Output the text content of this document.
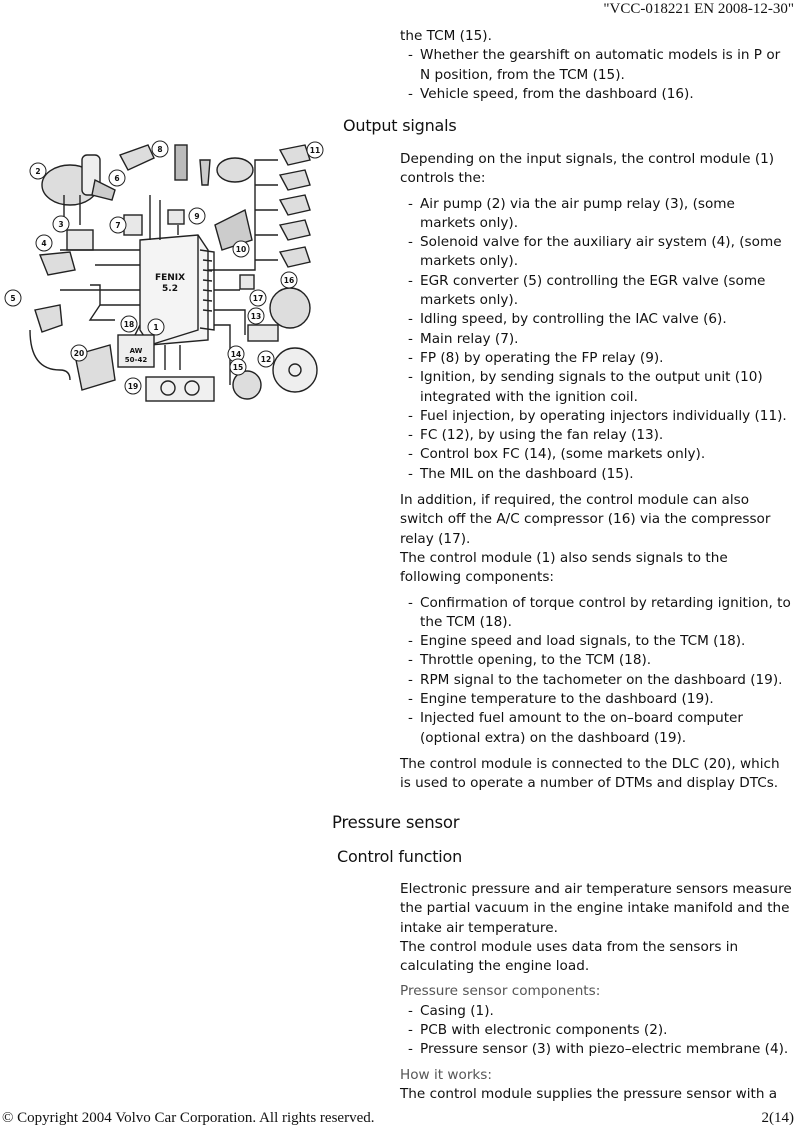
"VCC-018221 EN 2008-12-30"

the TCM (15).

- Whether the gearshift on automatic models is in P or N position, from the TCM (15).
- Vehicle speed, from the dashboard (16).
Output signals
FENIX
5.2
AW
50-42
1
2
3
4
5
6
7
8
9
10
11
12
13
14
15
16
17
18
19
20

Depending on the input signals, the control module (1) controls the:

- Air pump (2) via the air pump relay (3), (some markets only).
- Solenoid valve for the auxiliary air system (4), (some markets only).
- EGR converter (5) controlling the EGR valve (some markets only).
- Idling speed, by controlling the IAC valve (6).
- Main relay (7).
- FP (8) by operating the FP relay (9).
- Ignition, by sending signals to the output unit (10) integrated with the ignition coil.
- Fuel injection, by operating injectors individually (11).
- FC (12), by using the fan relay (13).
- Control box FC (14), (some markets only).
- The MIL on the dashboard (15).

In addition, if required, the control module can also switch off the A/C compressor (16) via the compressor relay (17).

The control module (1) also sends signals to the following components:

- Confirmation of torque control by retarding ignition, to the TCM (18).
- Engine speed and load signals, to the TCM (18).
- Throttle opening, to the TCM (18).
- RPM signal to the tachometer on the dashboard (19).
- Engine temperature to the dashboard (19).
- Injected fuel amount to the on–board computer (optional extra) on the dashboard (19).

The control module is connected to the DLC (20), which is used to operate a number of DTMs and display DTCs.

Pressure sensor
Control function

Electronic pressure and air temperature sensors measure the partial vacuum in the engine intake manifold and the intake air temperature.

The control module uses data from the sensors in calculating the engine load.

Pressure sensor components:

- Casing (1).
- PCB with electronic components (2).
- Pressure sensor (3) with piezo–electric membrane (4).

How it works:

The control module supplies the pressure sensor with a

© Copyright 2004 Volvo Car Corporation. All rights reserved.	2(14)
